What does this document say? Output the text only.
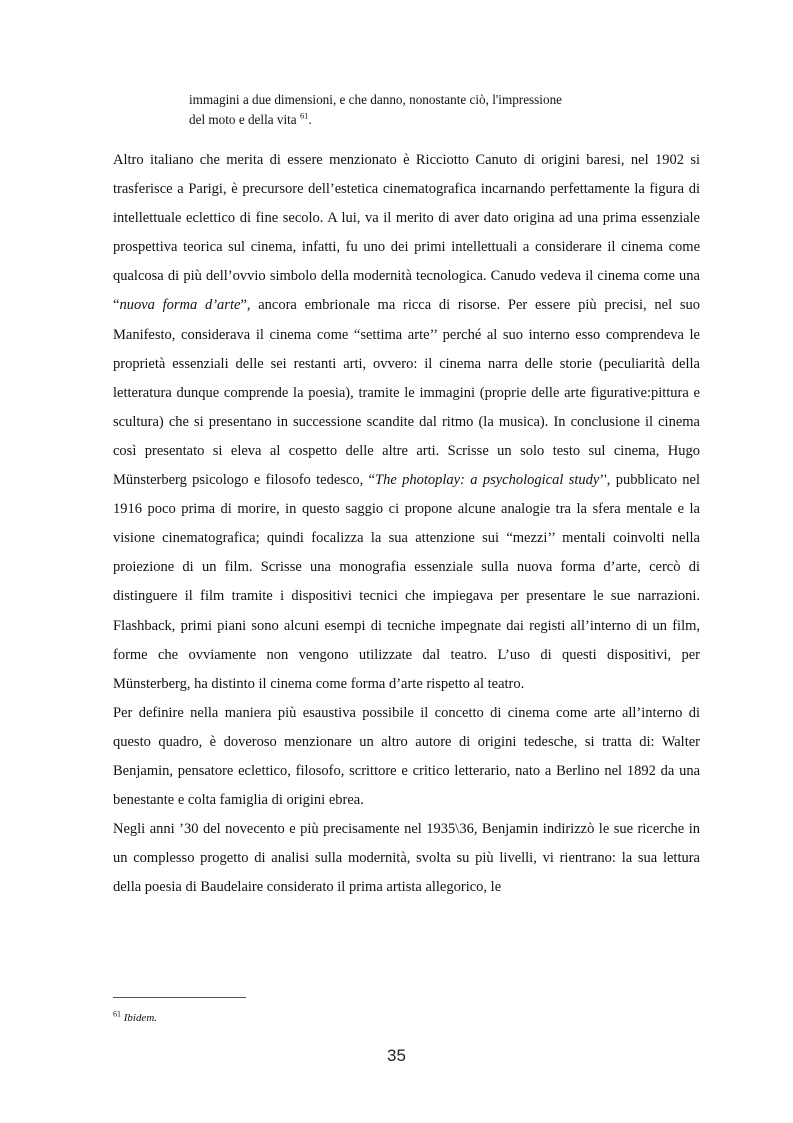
immagini a due dimensioni, e che danno, nonostante ciò, l'impressione
del moto e della vita $^{61}$.

Altro italiano che merita di essere menzionato è Ricciotto Canuto di origini baresi, nel 1902 si trasferisce a Parigi, è precursore dell’estetica cinematografica incarnando perfettamente la figura di intellettuale eclettico di fine secolo. A lui, va il merito di aver dato origina ad una prima essenziale prospettiva teorica sul cinema, infatti, fu uno dei primi intellettuali a considerare il cinema come qualcosa di più dell’ovvio simbolo della modernità tecnologica. Canudo vedeva il cinema come una “nuova forma d’arte”, ancora embrionale ma ricca di risorse. Per essere più precisi, nel suo Manifesto, considerava il cinema come “settima arte’’ perché al suo interno esso comprendeva le proprietà essenziali delle sei restanti arti, ovvero: il cinema narra delle storie (peculiarità della letteratura dunque comprende la poesia), tramite le immagini (proprie delle arte figurative:pittura e scultura) che si presentano in successione scandite dal ritmo (la musica). In conclusione il cinema così presentato si eleva al cospetto delle altre arti. Scrisse un solo testo sul cinema, Hugo Münsterberg psicologo e filosofo tedesco, “The photoplay: a psychological study’', pubblicato nel 1916 poco prima di morire, in questo saggio ci propone alcune analogie tra la sfera mentale e la visione cinematografica; quindi focalizza la sua attenzione sui “mezzi’’ mentali coinvolti nella proiezione di un film. Scrisse una monografia essenziale sulla nuova forma d’arte, cercò di distinguere il film tramite i dispositivi tecnici che impiegava per presentare le sue narrazioni. Flashback, primi piani sono alcuni esempi di tecniche impegnate dai registi all’interno di un film, forme che ovviamente non vengono utilizzate dal teatro. L’uso di questi dispositivi, per Münsterberg, ha distinto il cinema come forma d’arte rispetto al teatro.

Per definire nella maniera più esaustiva possibile il concetto di cinema come arte all’interno di questo quadro, è doveroso menzionare un altro autore di origini tedesche, si tratta di: Walter Benjamin, pensatore eclettico, filosofo, scrittore e critico letterario, nato a Berlino nel 1892 da una benestante e colta famiglia di origini ebrea.

Negli anni ’30 del novecento e più precisamente nel 1935\36, Benjamin indirizzò le sue ricerche in un complesso progetto di analisi sulla modernità, svolta su più livelli, vi rientrano: la sua lettura della poesia di Baudelaire considerato il prima artista allegorico, le

$^{61}$ Ibidem.
35
